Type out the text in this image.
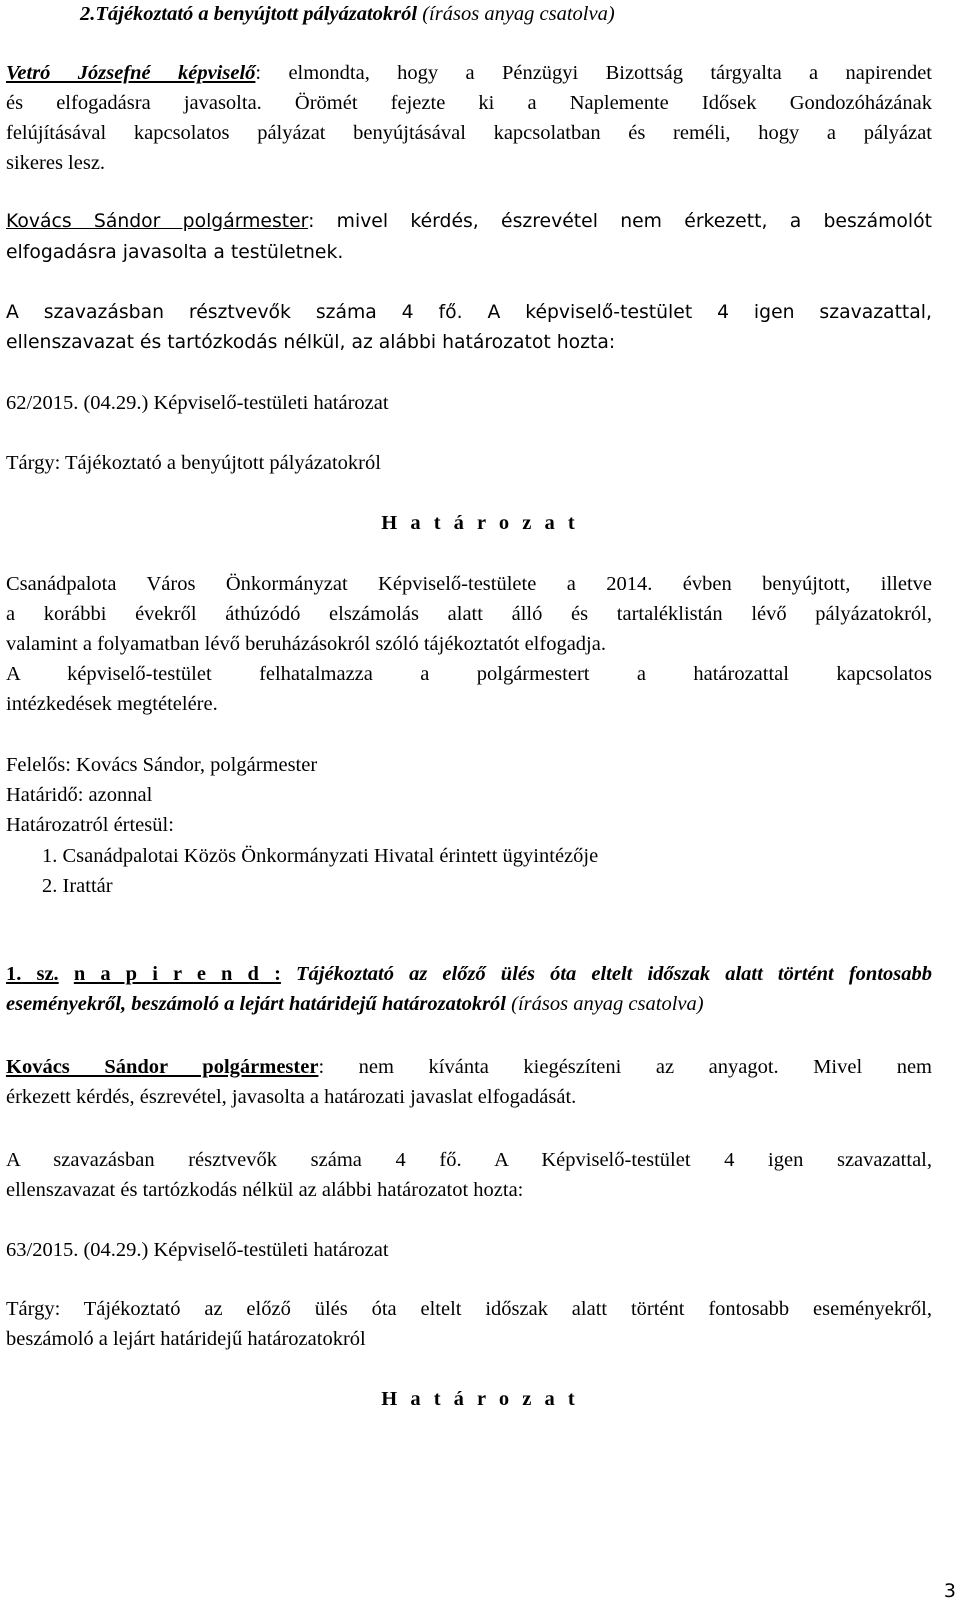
2.Tájékoztató a benyújtott pályázatokról (írásos anyag csatolva)
Vetró Józsefné képviselő: elmondta, hogy a Pénzügyi Bizottság tárgyalta a napirendet
és elfogadásra javasolta. Örömét fejezte ki a Naplemente Idősek Gondozóházának
felújításával kapcsolatos pályázat benyújtásával kapcsolatban és reméli, hogy a pályázat
sikeres lesz.
Kovács Sándor polgármester: mivel kérdés, észrevétel nem érkezett, a beszámolót
elfogadásra javasolta a testületnek.
A szavazásban résztvevők száma 4 fő. A képviselő-testület 4 igen szavazattal,
ellenszavazat és tartózkodás nélkül, az alábbi határozatot hozta:
62/2015. (04.29.) Képviselő-testületi határozat
Tárgy: Tájékoztató a benyújtott pályázatokról
H a t á r o z a t
Csanádpalota Város Önkormányzat Képviselő-testülete a 2014. évben benyújtott, illetve
a korábbi évekről áthúzódó elszámolás alatt álló és tartaléklistán lévő pályázatokról,
valamint a folyamatban lévő beruházásokról szóló tájékoztatót elfogadja.
A képviselő-testület felhatalmazza a polgármestert a határozattal kapcsolatos
intézkedések megtételére.
Felelős: Kovács Sándor, polgármester
Határidő: azonnal
Határozatról értesül:
1. Csanádpalotai Közös Önkormányzati Hivatal érintett ügyintézője
2. Irattár
1. sz. n a p i r e n d : Tájékoztató az előző ülés óta eltelt időszak alatt történt fontosabb
eseményekről, beszámoló a lejárt határidejű határozatokról (írásos anyag csatolva)
Kovács Sándor polgármester: nem kívánta kiegészíteni az anyagot. Mivel nem
érkezett kérdés, észrevétel, javasolta a határozati javaslat elfogadását.
A szavazásban résztvevők száma 4 fő. A Képviselő-testület 4 igen szavazattal,
ellenszavazat és tartózkodás nélkül az alábbi határozatot hozta:
63/2015. (04.29.) Képviselő-testületi határozat
Tárgy: Tájékoztató az előző ülés óta eltelt időszak alatt történt fontosabb eseményekről,
beszámoló a lejárt határidejű határozatokról
H a t á r o z a t
3
